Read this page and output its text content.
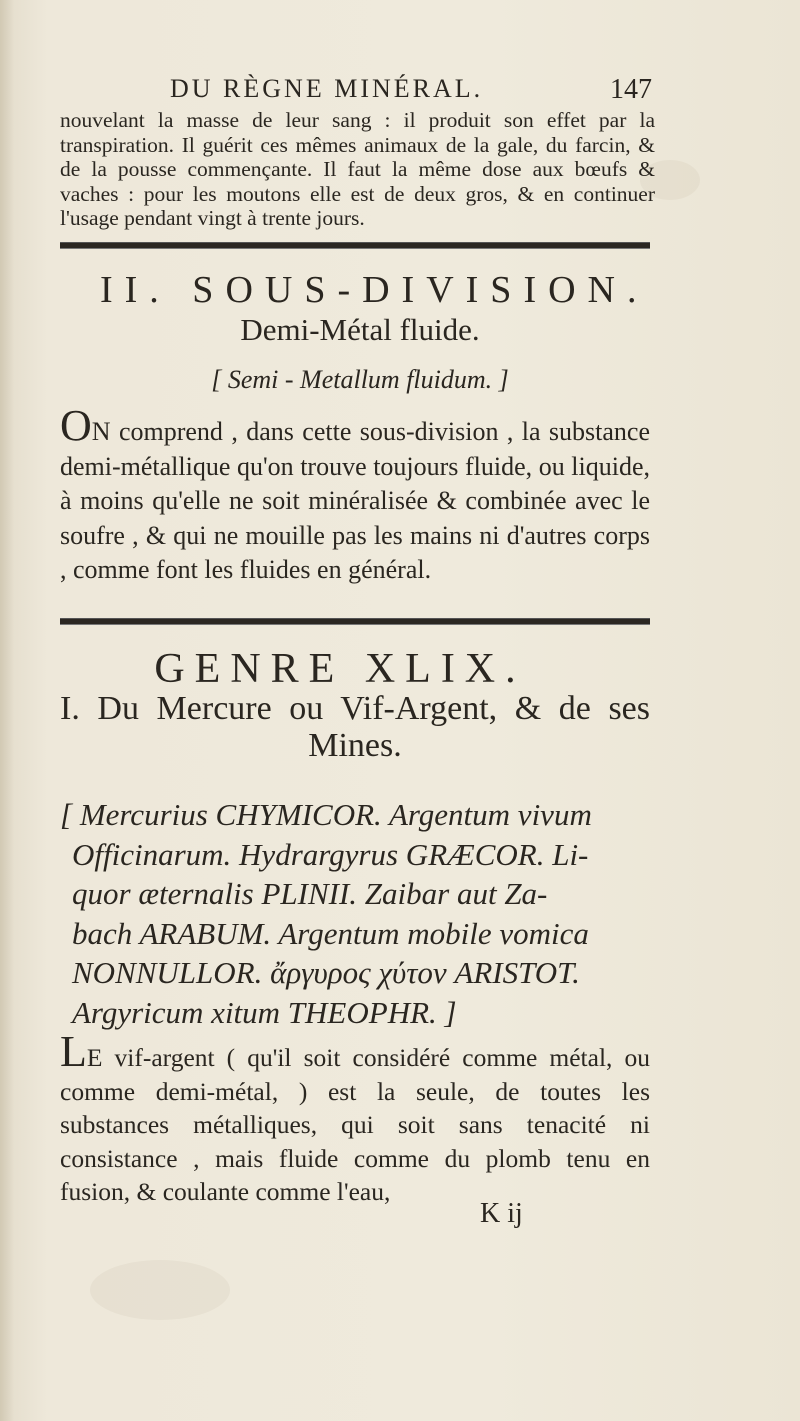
DU RÈGNE MINÉRAL.	147
nouvelant la masse de leur sang : il produit son effet par la transpiration. Il guérit ces mêmes animaux de la gale, du farcin, & de la pousse commençante. Il faut la même dose aux bœufs & vaches : pour les moutons elle est de deux gros, & en continuer l'usage pendant vingt à trente jours.
II. SOUS-DIVISION.
Demi-Métal fluide.
[ Semi - Metallum fluidum. ]
ON comprend , dans cette sous-division , la substance demi-métallique qu'on trouve toujours fluide, ou liquide, à moins qu'elle ne soit minéralisée & combinée avec le soufre , & qui ne mouille pas les mains ni d'autres corps , comme font les fluides en général.
GENRE XLIX.
I. Du Mercure ou Vif-Argent, & de ses Mines.
[ Mercurius CHYMICOR. Argentum vivum
Officinarum. Hydrargyrus GRÆCOR. Li-
quor æternalis PLINII. Zaibar aut Za-
bach ARABUM. Argentum mobile vomica
NONNULLOR. ἄργυρος χύτον ARISTOT.
Argyricum xitum THEOPHR. ]
LE vif-argent ( qu'il soit considéré comme métal, ou comme demi-métal, ) est la seule, de toutes les substances métalliques, qui soit sans tenacité ni consistance , mais fluide comme du plomb tenu en fusion, & coulante comme l'eau,
K ij
